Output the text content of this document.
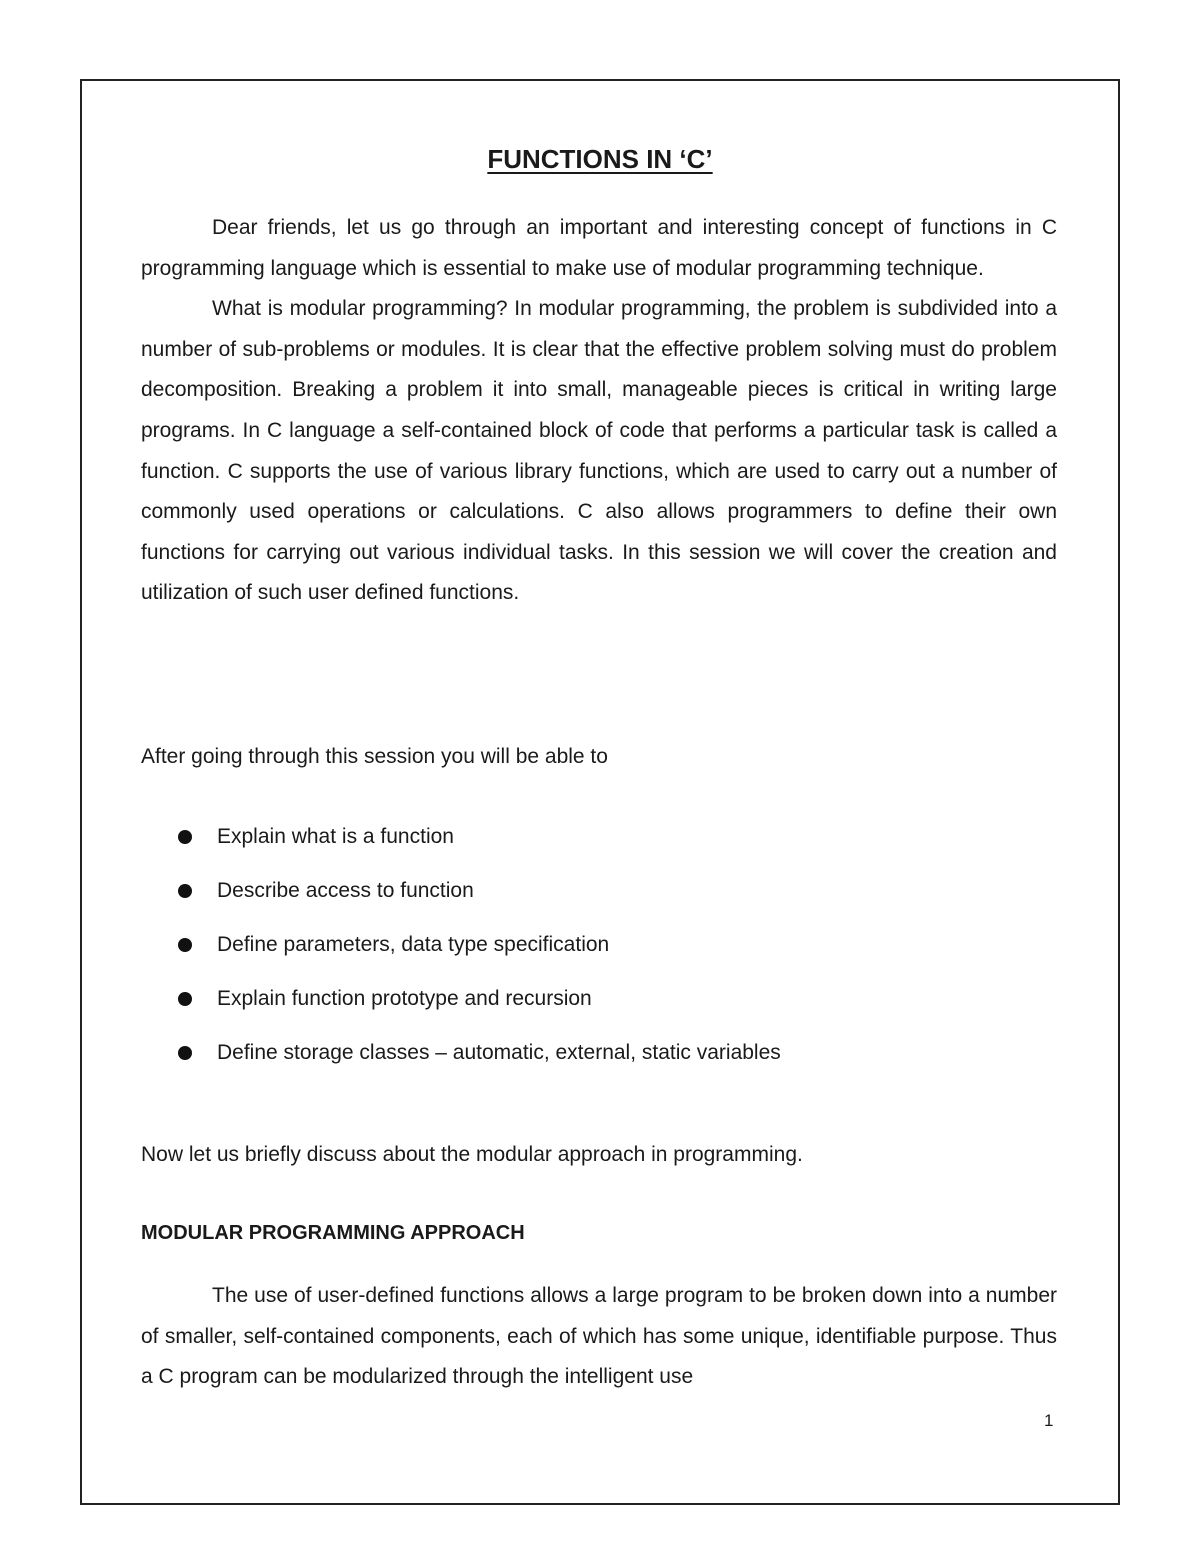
FUNCTIONS IN ‘C’

Dear friends, let us go through an important and interesting concept of functions in C programming language which is essential to make use of modular programming technique.

What is modular programming? In modular programming, the problem is subdivided into a number of sub-problems or modules. It is clear that the effective problem solving must do problem decomposition. Breaking a problem it into small, manageable pieces is critical in writing large programs. In C language a self-contained block of code that performs a particular task is called a function. C supports the use of various library functions, which are used to carry out a number of commonly used operations or calculations. C also allows programmers to define their own functions for carrying out various individual tasks. In this session we will cover the creation and utilization of such user defined functions.

After going through this session you will be able to

Explain what is a function
Describe access to function
Define parameters, data type specification
Explain function prototype and recursion
Define storage classes – automatic, external, static variables

Now let us briefly discuss about the modular approach in programming.

MODULAR PROGRAMMING APPROACH

The use of user-defined functions allows a large program to be broken down into a number of smaller, self-contained components, each of which has some unique, identifiable purpose. Thus a C program can be modularized through the intelligent use

1
